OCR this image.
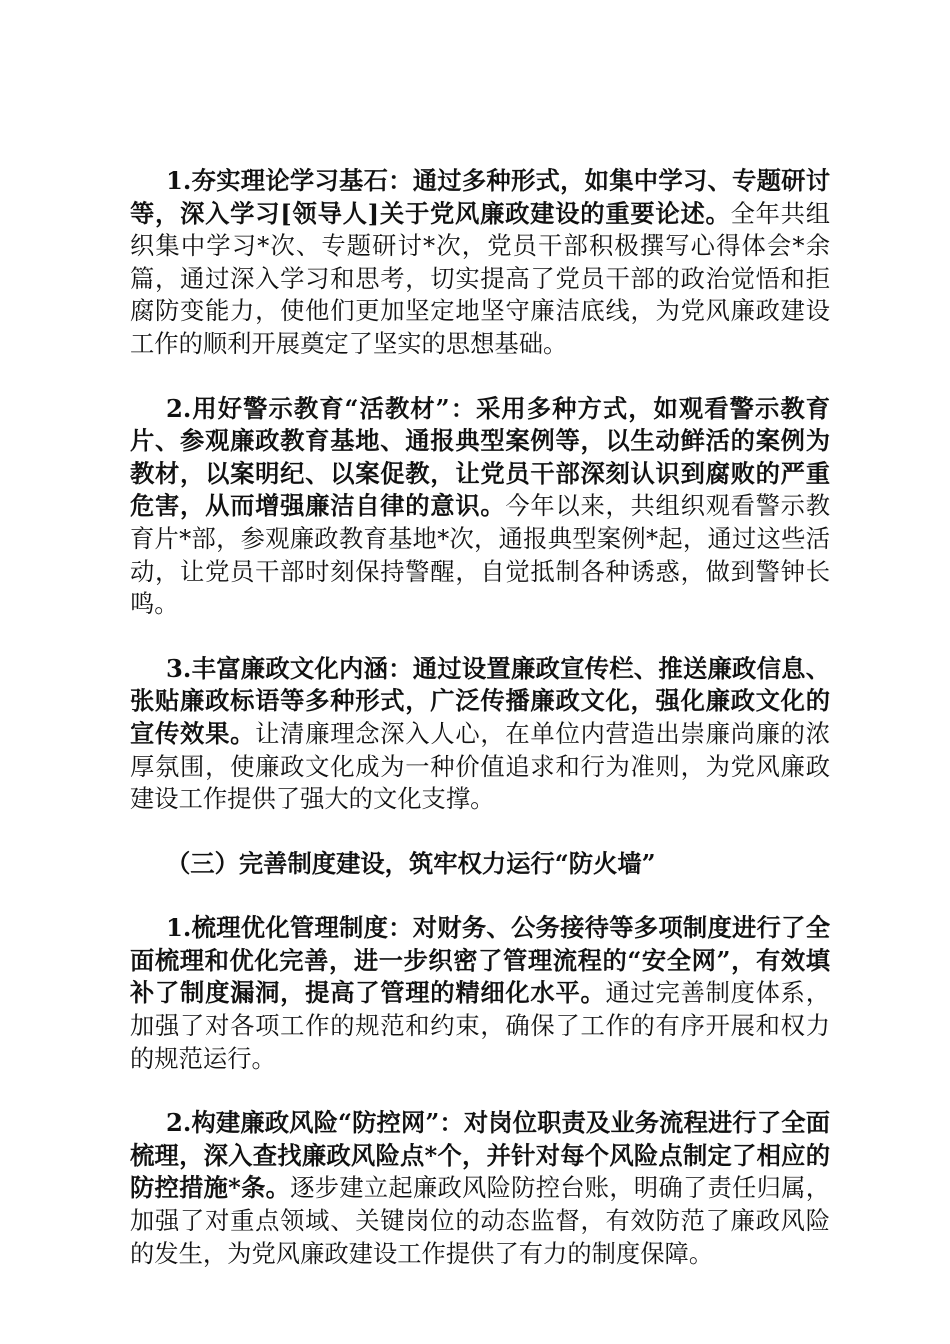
1.夯实理论学习基石：通过多种形式，如集中学习、专题研讨等，深入学习[领导人]关于党风廉政建设的重要论述。全年共组织集中学习*次、专题研讨*次，党员干部积极撰写心得体会*余篇，通过深入学习和思考，切实提高了党员干部的政治觉悟和拒腐防变能力，使他们更加坚定地坚守廉洁底线，为党风廉政建设工作的顺利开展奠定了坚实的思想基础。

2.用好警示教育“活教材”：采用多种方式，如观看警示教育片、参观廉政教育基地、通报典型案例等，以生动鲜活的案例为教材，以案明纪、以案促教，让党员干部深刻认识到腐败的严重危害，从而增强廉洁自律的意识。今年以来，共组织观看警示教育片*部，参观廉政教育基地*次，通报典型案例*起，通过这些活动，让党员干部时刻保持警醒，自觉抵制各种诱惑，做到警钟长鸣。

3.丰富廉政文化内涵：通过设置廉政宣传栏、推送廉政信息、张贴廉政标语等多种形式，广泛传播廉政文化，强化廉政文化的宣传效果。让清廉理念深入人心，在单位内营造出崇廉尚廉的浓厚氛围，使廉政文化成为一种价值追求和行为准则，为党风廉政建设工作提供了强大的文化支撑。

（三）完善制度建设，筑牢权力运行“防火墙”

1.梳理优化管理制度：对财务、公务接待等多项制度进行了全面梳理和优化完善，进一步织密了管理流程的“安全网”，有效填补了制度漏洞，提高了管理的精细化水平。通过完善制度体系，加强了对各项工作的规范和约束，确保了工作的有序开展和权力的规范运行。

2.构建廉政风险“防控网”：对岗位职责及业务流程进行了全面梳理，深入查找廉政风险点*个，并针对每个风险点制定了相应的防控措施*条。逐步建立起廉政风险防控台账，明确了责任归属，加强了对重点领域、关键岗位的动态监督，有效防范了廉政风险的发生，为党风廉政建设工作提供了有力的制度保障。
